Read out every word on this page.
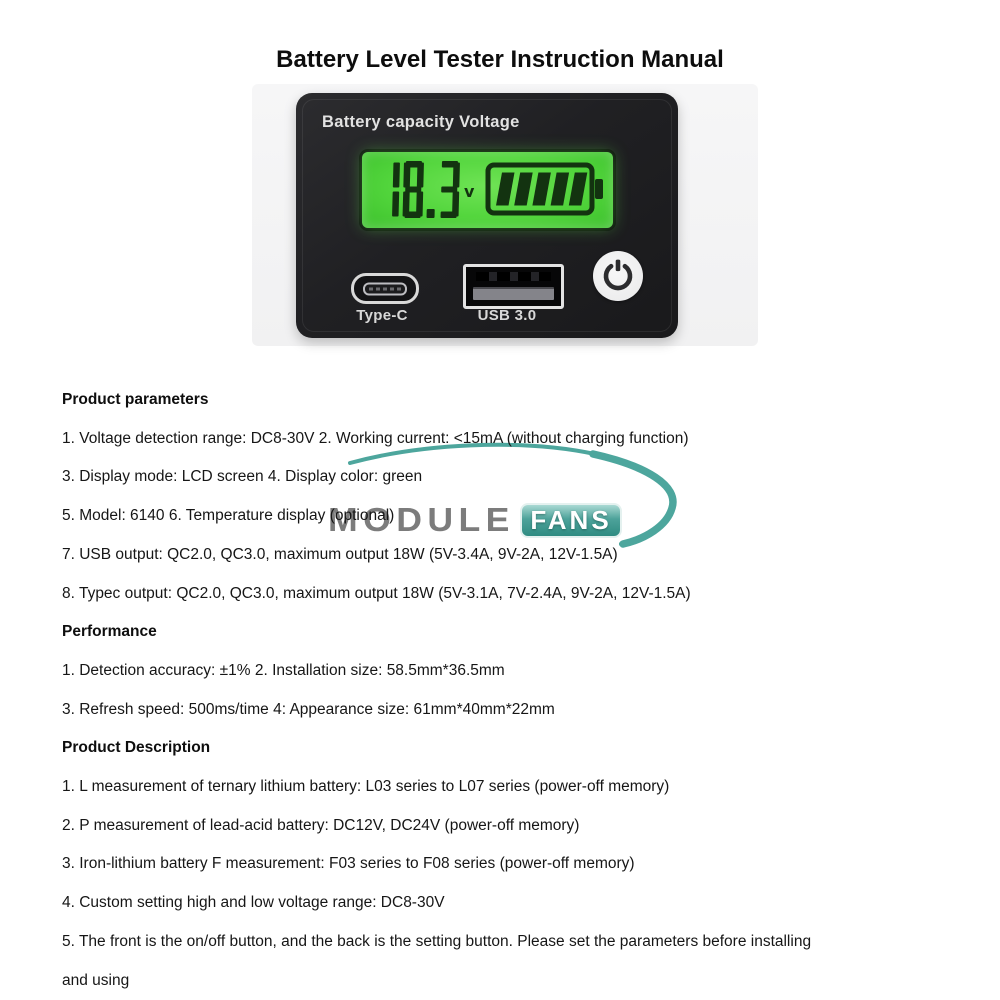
Battery Level Tester Instruction Manual
Battery capacity Voltage
v
Type-C	USB 3.0
MODULE FANS

Product parameters

1. Voltage detection range: DC8-30V 2. Working current: <15mA (without charging function)

3. Display mode: LCD screen 4. Display color: green

5. Model: 6140 6. Temperature display (optional)

7. USB output: QC2.0, QC3.0, maximum output 18W (5V-3.4A, 9V-2A, 12V-1.5A)

8. Typec output: QC2.0, QC3.0, maximum output 18W (5V-3.1A, 7V-2.4A, 9V-2A, 12V-1.5A)

Performance

1. Detection accuracy: ±1% 2. Installation size: 58.5mm*36.5mm

3. Refresh speed: 500ms/time 4: Appearance size: 61mm*40mm*22mm

Product Description

1. L measurement of ternary lithium battery: L03 series to L07 series (power-off memory)

2. P measurement of lead-acid battery: DC12V, DC24V (power-off memory)

3. Iron-lithium battery F measurement: F03 series to F08 series (power-off memory)

4. Custom setting high and low voltage range: DC8-30V

5. The front is the on/off button, and the back is the setting button. Please set the parameters before installing

and using
